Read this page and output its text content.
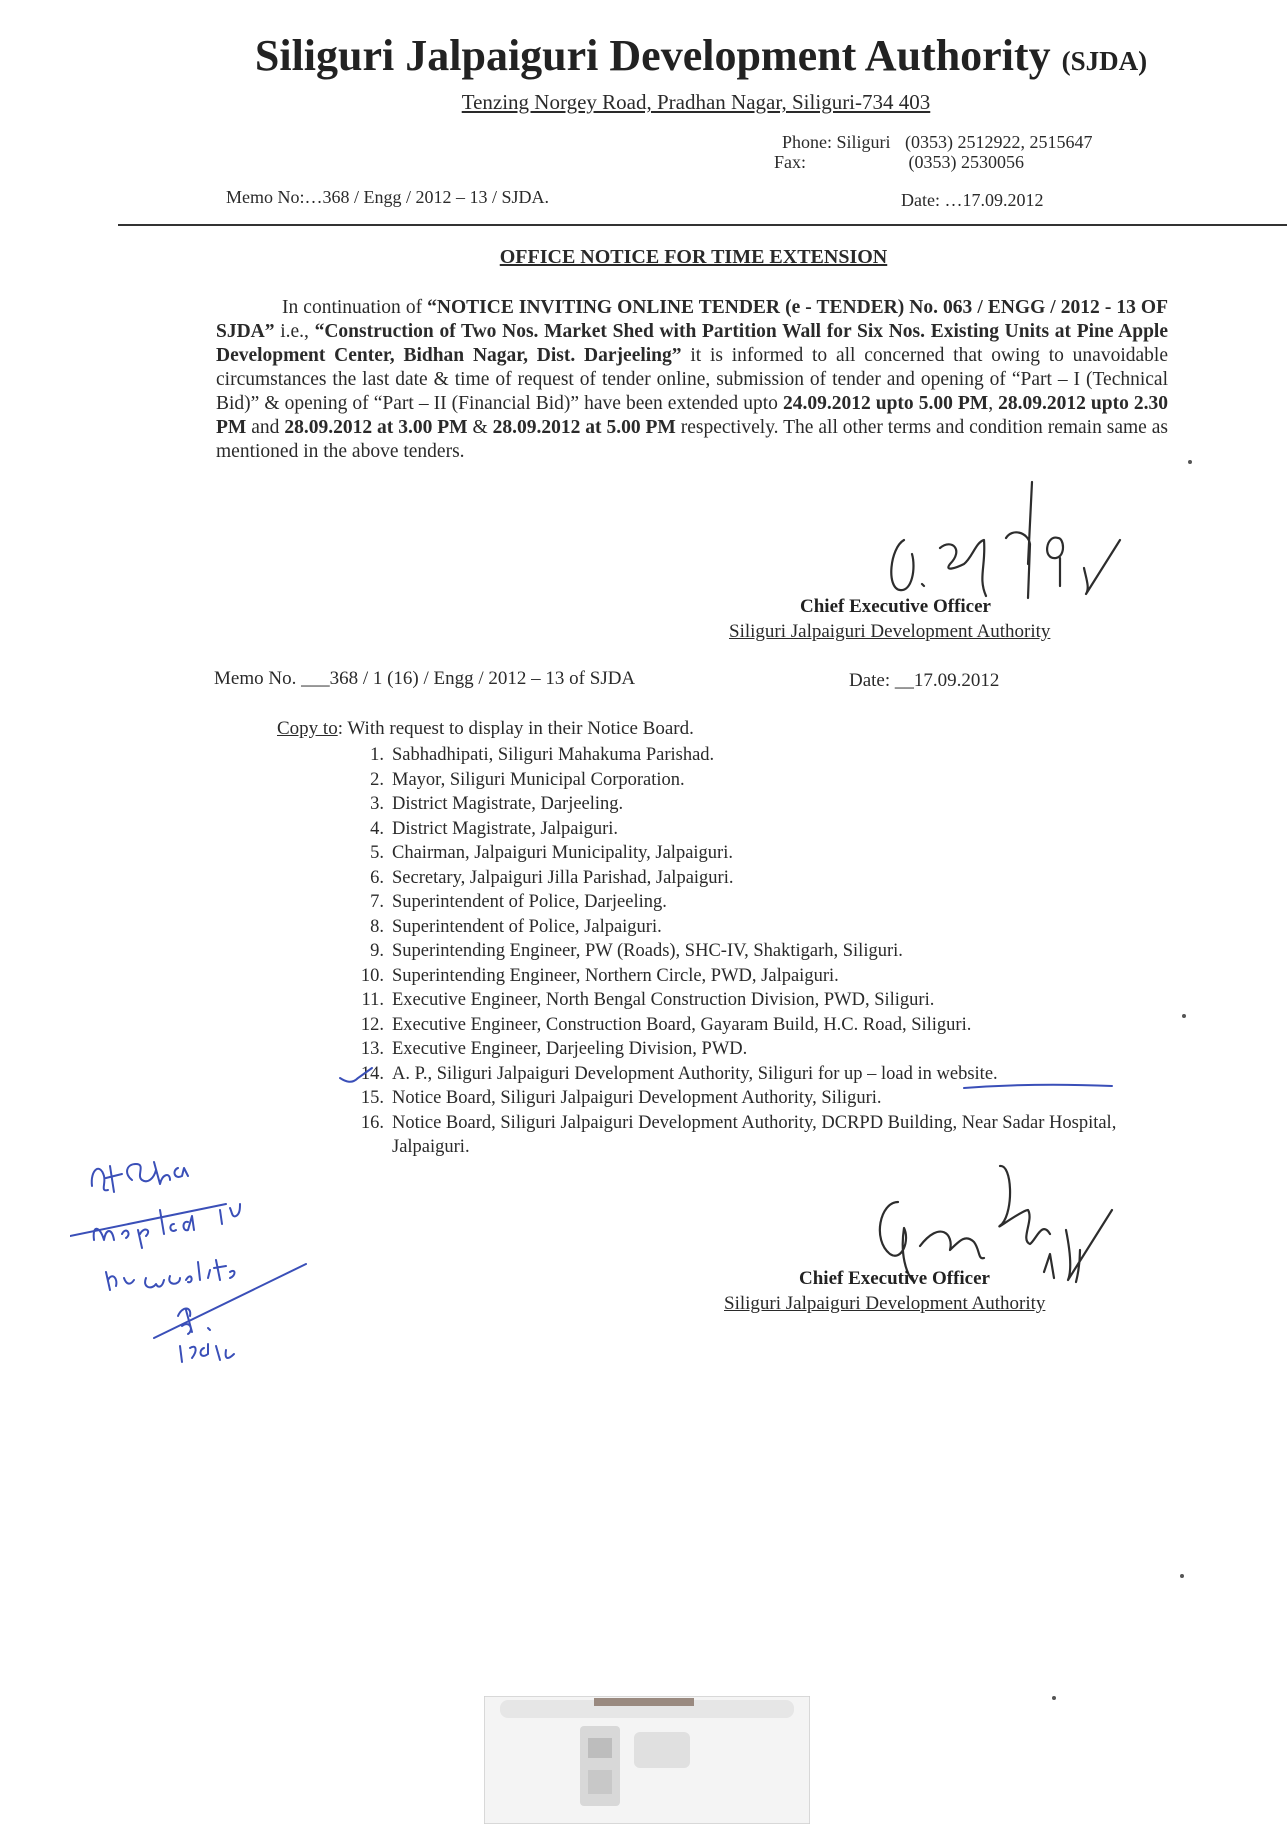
Siliguri Jalpaiguri Development Authority (SJDA)
Tenzing Norgey Road, Pradhan Nagar, Siliguri-734 403
Phone: Siliguri (0353) 2512922, 2515647
Fax:	(0353) 2530056
Memo No:…368 / Engg / 2012 – 13 / SJDA.	Date: …17.09.2012
OFFICE NOTICE FOR TIME EXTENSION
In continuation of “NOTICE INVITING ONLINE TENDER (e - TENDER) No. 063 / ENGG / 2012 - 13 OF SJDA” i.e., “Construction of Two Nos. Market Shed with Partition Wall for Six Nos. Existing Units at Pine Apple Development Center, Bidhan Nagar, Dist. Darjeeling” it is informed to all concerned that owing to unavoidable circumstances the last date & time of request of tender online, submission of tender and opening of “Part – I (Technical Bid)” & opening of “Part – II (Financial Bid)” have been extended upto 24.09.2012 upto 5.00 PM, 28.09.2012 upto 2.30 PM and 28.09.2012 at 3.00 PM & 28.09.2012 at 5.00 PM respectively. The all other terms and condition remain same as mentioned in the above tenders.
Chief Executive Officer
Siliguri Jalpaiguri Development Authority
Memo No. ___368 / 1 (16) / Engg / 2012 – 13 of SJDA	Date: __17.09.2012
Copy to: With request to display in their Notice Board.
1. Sabhadhipati, Siliguri Mahakuma Parishad.
2. Mayor, Siliguri Municipal Corporation.
3. District Magistrate, Darjeeling.
4. District Magistrate, Jalpaiguri.
5. Chairman, Jalpaiguri Municipality, Jalpaiguri.
6. Secretary, Jalpaiguri Jilla Parishad, Jalpaiguri.
7. Superintendent of Police, Darjeeling.
8. Superintendent of Police, Jalpaiguri.
9. Superintending Engineer, PW (Roads), SHC-IV, Shaktigarh, Siliguri.
10. Superintending Engineer, Northern Circle, PWD, Jalpaiguri.
11. Executive Engineer, North Bengal Construction Division, PWD, Siliguri.
12. Executive Engineer, Construction Board, Gayaram Build, H.C. Road, Siliguri.
13. Executive Engineer, Darjeeling Division, PWD.
14. A. P., Siliguri Jalpaiguri Development Authority, Siliguri for up – load in website.
15. Notice Board, Siliguri Jalpaiguri Development Authority, Siliguri.
16. Notice Board, Siliguri Jalpaiguri Development Authority, DCRPD Building, Near Sadar Hospital, Jalpaiguri.
Chief Executive Officer
Siliguri Jalpaiguri Development Authority
